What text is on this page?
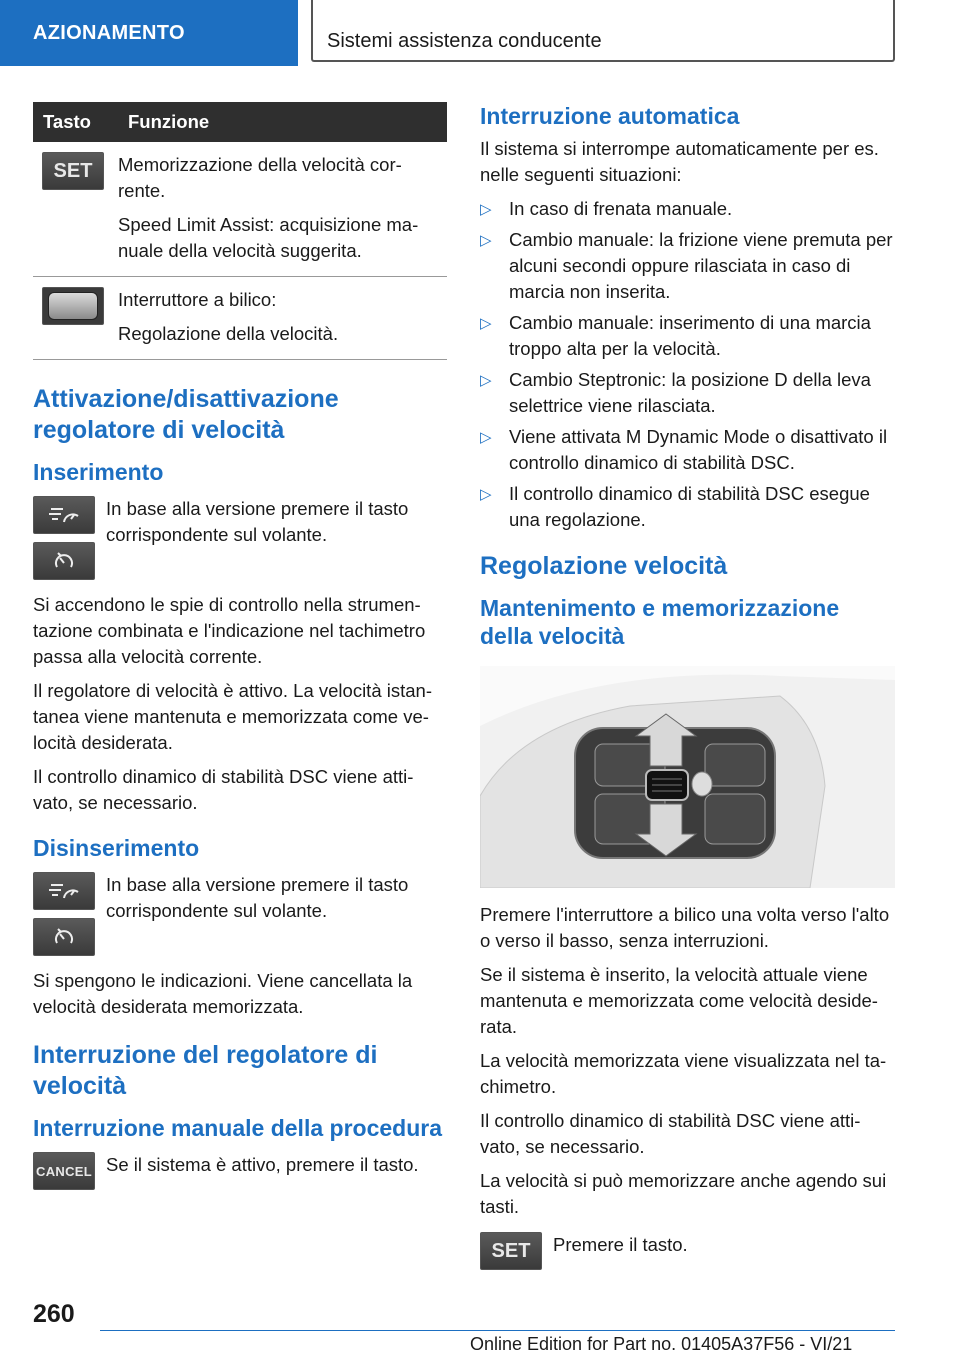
AZIONAMENTO	Sistemi assistenza conducente
Tasto	Funzione
SET	Memorizzazione della velocità cor-rente.

Speed Limit Assist: acquisizione ma-nuale della velocità suggerita.

	Interruttore a bilico:

Regolazione della velocità.

Attivazione/disattivazione regolatore di velocità
Inserimento

In base alla versione premere il tasto corrispondente sul volante.

Si accendono le spie di controllo nella strumen-tazione combinata e l'indicazione nel tachimetro passa alla velocità corrente.

Il regolatore di velocità è attivo. La velocità istan-tanea viene mantenuta e memorizzata come ve-locità desiderata.

Il controllo dinamico di stabilità DSC viene atti-vato, se necessario.

Disinserimento

In base alla versione premere il tasto corrispondente sul volante.

Si spengono le indicazioni. Viene cancellata la velocità desiderata memorizzata.

Interruzione del regolatore di velocità
Interruzione manuale della procedura
CANCEL Se il sistema è attivo, premere il tasto.

Interruzione automatica

Il sistema si interrompe automaticamente per es. nelle seguenti situazioni:

▷ In caso di frenata manuale.
▷ Cambio manuale: la frizione viene premuta per alcuni secondi oppure rilasciata in caso di marcia non inserita.
▷ Cambio manuale: inserimento di una marcia troppo alta per la velocità.
▷ Cambio Steptronic: la posizione D della leva selettrice viene rilasciata.
▷ Viene attivata M Dynamic Mode o disattivato il controllo dinamico di stabilità DSC.
▷ Il controllo dinamico di stabilità DSC esegue una regolazione.
Regolazione velocità
Mantenimento e memorizzazione della velocità

Premere l'interruttore a bilico una volta verso l'alto o verso il basso, senza interruzioni.

Se il sistema è inserito, la velocità attuale viene mantenuta e memorizzata come velocità deside-rata.

La velocità memorizzata viene visualizzata nel ta-chimetro.

Il controllo dinamico di stabilità DSC viene atti-vato, se necessario.

La velocità si può memorizzare anche agendo sui tasti.

SET	Premere il tasto.

260
Online Edition for Part no. 01405A37F56 - VI/21
